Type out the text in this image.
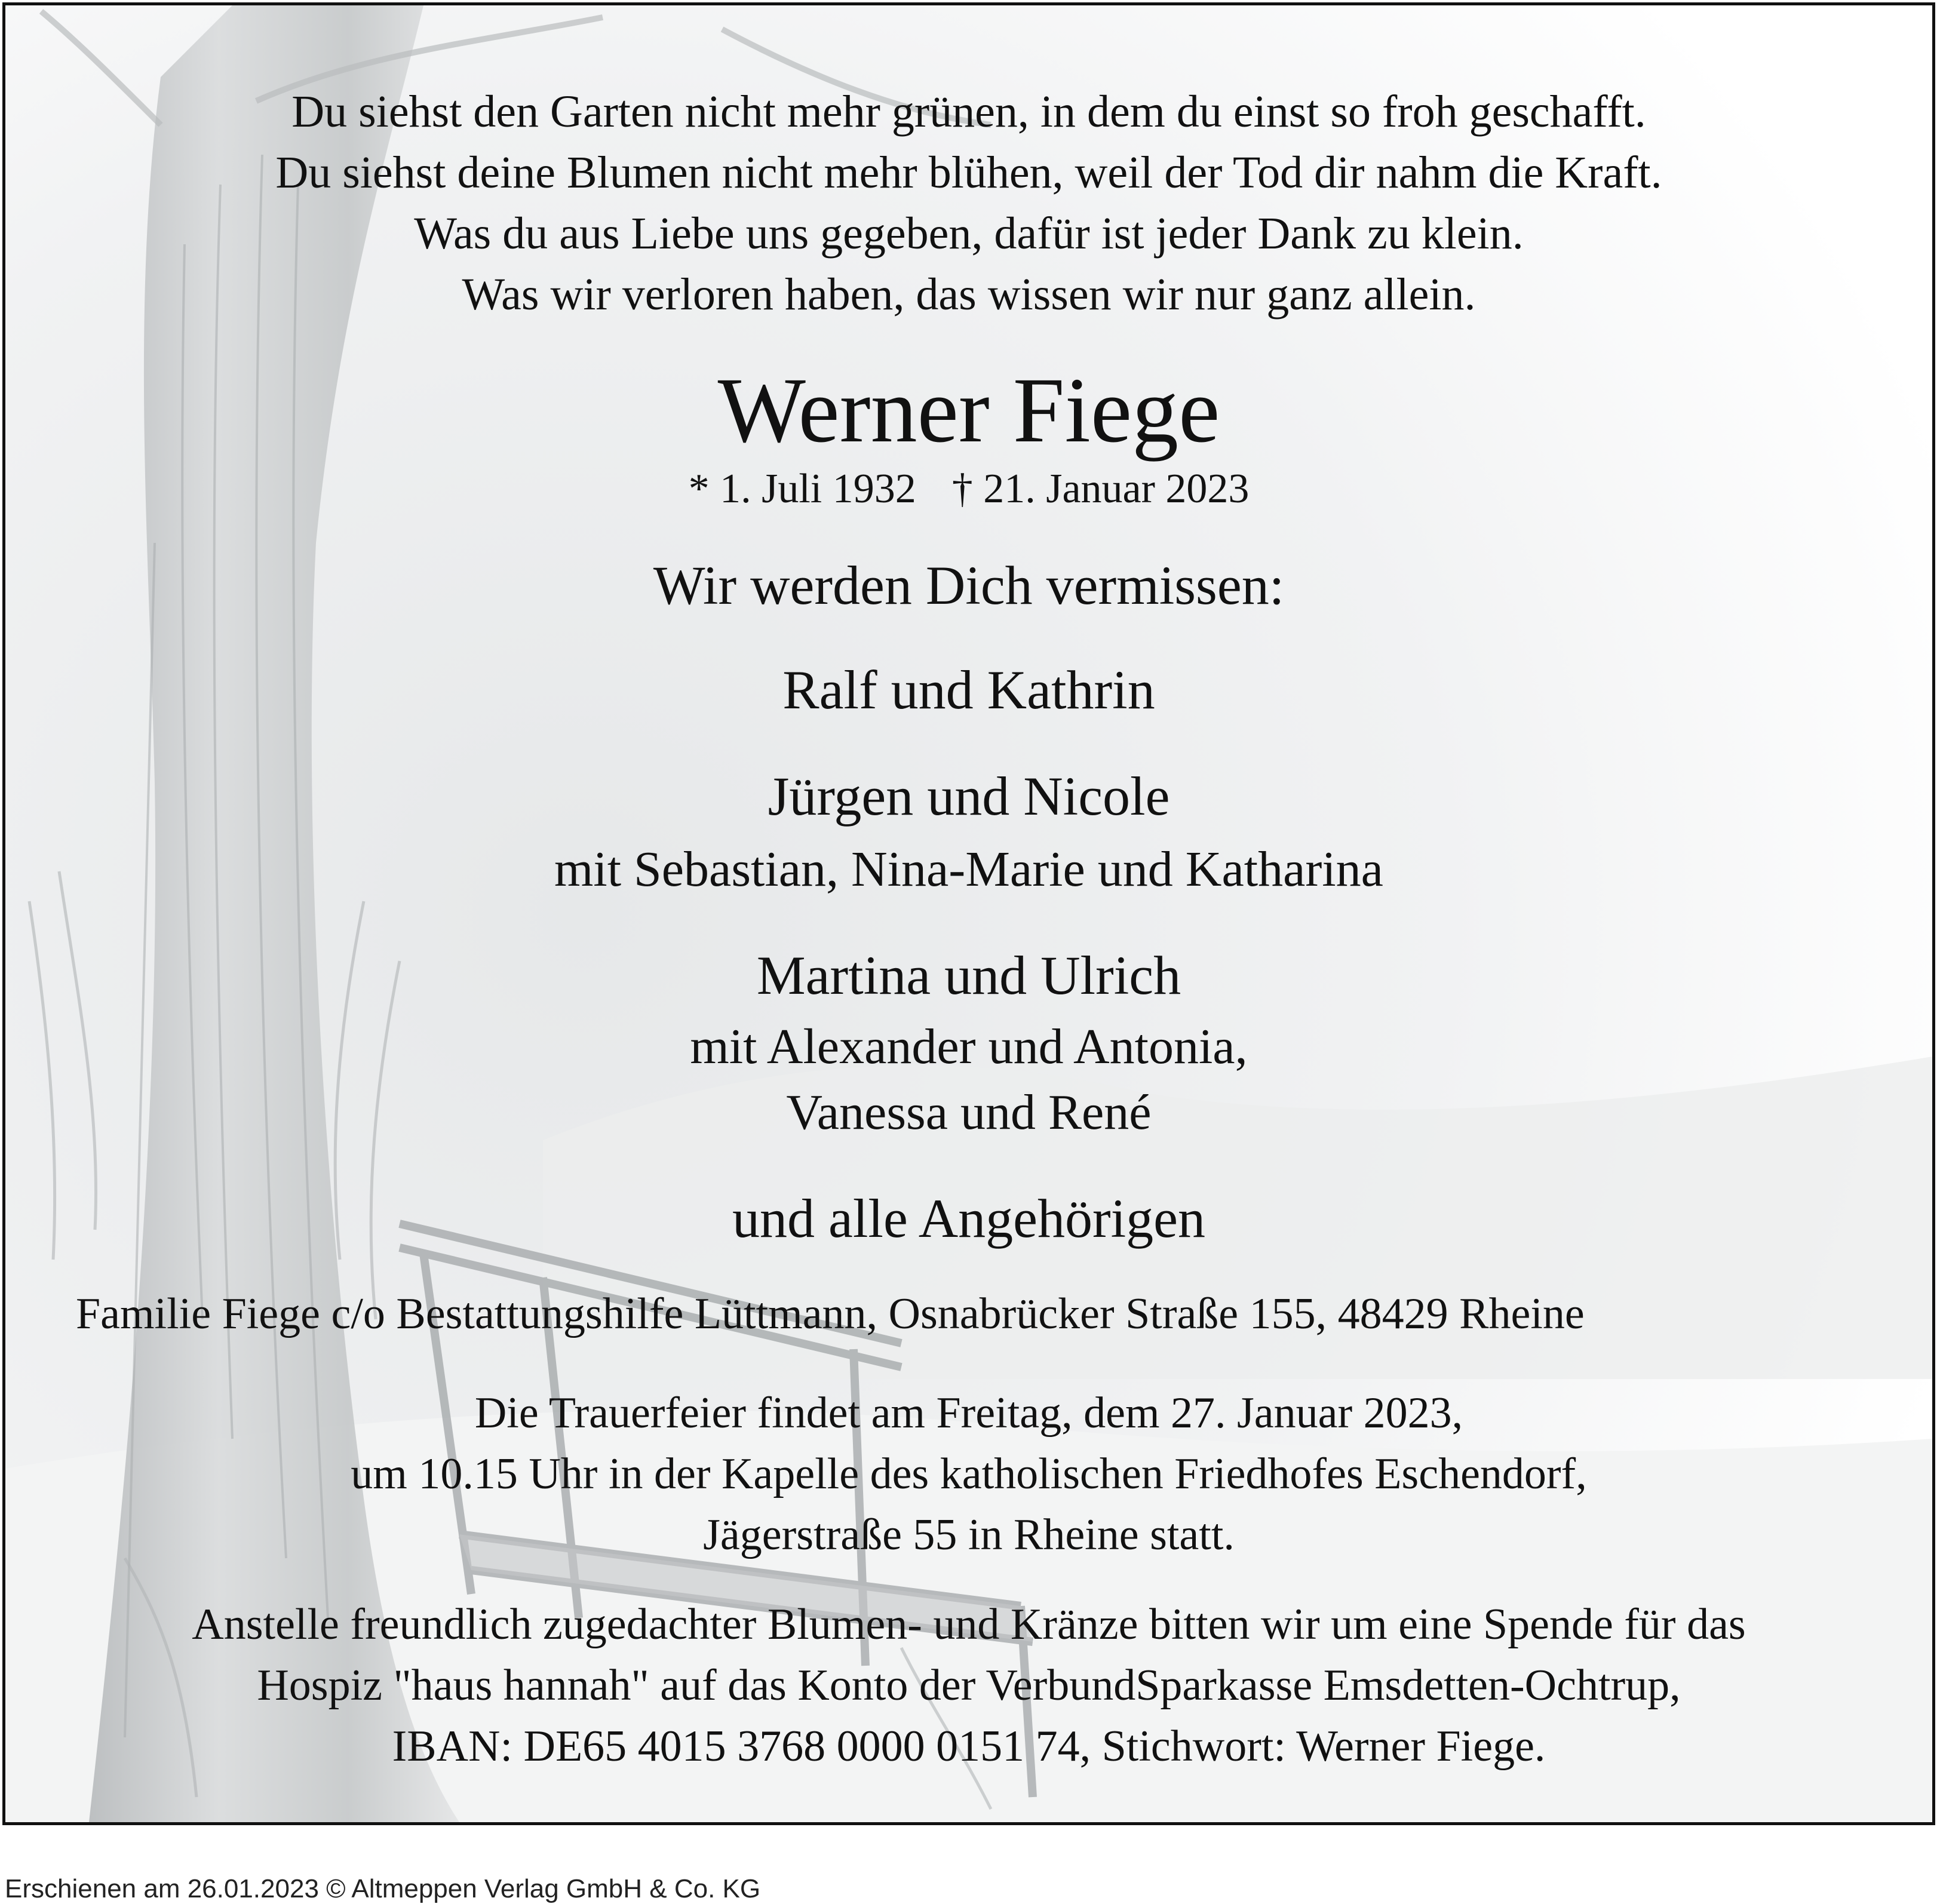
Du siehst den Garten nicht mehr grünen, in dem du einst so froh geschafft.
Du siehst deine Blumen nicht mehr blühen, weil der Tod dir nahm die Kraft.
Was du aus Liebe uns gegeben, dafür ist jeder Dank zu klein.
Was wir verloren haben, das wissen wir nur ganz allein.
Werner Fiege
* 1. Juli 1932 † 21. Januar 2023
Wir werden Dich vermissen:
Ralf und Kathrin
Jürgen und Nicole
mit Sebastian, Nina-Marie und Katharina
Martina und Ulrich
mit Alexander und Antonia,
Vanessa und René
und alle Angehörigen
Familie Fiege c/o Bestattungshilfe Lüttmann, Osnabrücker Straße 155, 48429 Rheine
Die Trauerfeier findet am Freitag, dem 27. Januar 2023,
um 10.15 Uhr in der Kapelle des katholischen Friedhofes Eschendorf,
Jägerstraße 55 in Rheine statt.
Anstelle freundlich zugedachter Blumen- und Kränze bitten wir um eine Spende für das
Hospiz "haus hannah" auf das Konto der VerbundSparkasse Emsdetten-Ochtrup,
IBAN: DE65 4015 3768 0000 0151 74, Stichwort: Werner Fiege.
Erschienen am 26.01.2023 © Altmeppen Verlag GmbH & Co. KG
